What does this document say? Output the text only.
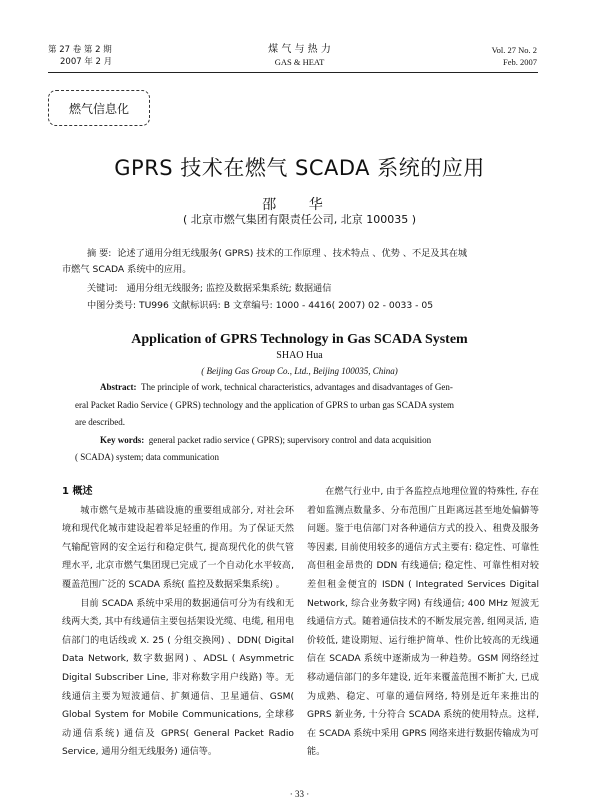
第 27 卷 第 2 期
2007 年 2 月
煤 气 与 热 力
GAS & HEAT
Vol. 27 No. 2
Feb. 2007
燃气信息化
GPRS 技术在燃气 SCADA 系统的应用
邵 华
( 北京市燃气集团有限责任公司, 北京 100035 )
摘 要: 论述了通用分组无线服务( GPRS) 技术的工作原理 、技术特点 、优势 、不足及其在城
市燃气 SCADA 系统中的应用。
关键词: 通用分组无线服务; 监控及数据采集系统; 数据通信
中图分类号: TU996 文献标识码: B 文章编号: 1000 - 4416( 2007) 02 - 0033 - 05
Application of GPRS Technology in Gas SCADA System
SHAO Hua
( Beijing Gas Group Co., Ltd., Beijing 100035, China)
Abstract: The principle of work, technical characteristics, advantages and disadvantages of Gen-
eral Packet Radio Service ( GPRS) technology and the application of GPRS to urban gas SCADA system
are described.
Key words: general packet radio service ( GPRS); supervisory control and data acquisition
( SCADA) system; data communication

1 概述

城市燃气是城市基础设施的重要组成部分, 对社会环境和现代化城市建设起着举足轻重的作用。为了保证天然气输配管网的安全运行和稳定供气, 提高现代化的供气管理水平, 北京市燃气集团现已完成了一个自动化水平较高, 覆盖范围广泛的 SCADA 系统( 监控及数据采集系统) 。

目前 SCADA 系统中采用的数据通信可分为有线和无线两大类, 其中有线通信主要包括架设光缆、电缆, 租用电信部门的电话线或 X. 25 ( 分组交换网) 、DDN( Digital Data Network, 数字数据网) 、ADSL ( Asymmetric Digital Subscriber Line, 非对称数字用户线路) 等。无线通信主要为短波通信、扩频通信、卫星通信、GSM( Global System for Mobile Communications, 全球移动通信系统) 通信及 GPRS( General Packet Radio Service, 通用分组无线服务) 通信等。

在燃气行业中, 由于各监控点地理位置的特殊性, 存在着如监测点数量多、分布范围广且距离远甚至地处偏僻等问题。鉴于电信部门对各种通信方式的投入、租费及服务等因素, 目前使用较多的通信方式主要有: 稳定性、可靠性高但租金昂贵的 DDN 有线通信; 稳定性、可靠性相对较差但租金便宜的 ISDN ( Integrated Services Digital Network, 综合业务数字网) 有线通信; 400 MHz 短波无线通信方式。随着通信技术的不断发展完善, 组网灵活, 造价较低, 建设期短、运行维护简单、性价比较高的无线通信在 SCADA 系统中逐渐成为一种趋势。GSM 网络经过移动通信部门的多年建设, 近年来覆盖范围不断扩大, 已成为成熟、稳定、可靠的通信网络, 特别是近年来推出的 GPRS 新业务, 十分符合 SCADA 系统的使用特点。这样, 在 SCADA 系统中采用 GPRS 网络来进行数据传输成为可能。

· 33 ·
